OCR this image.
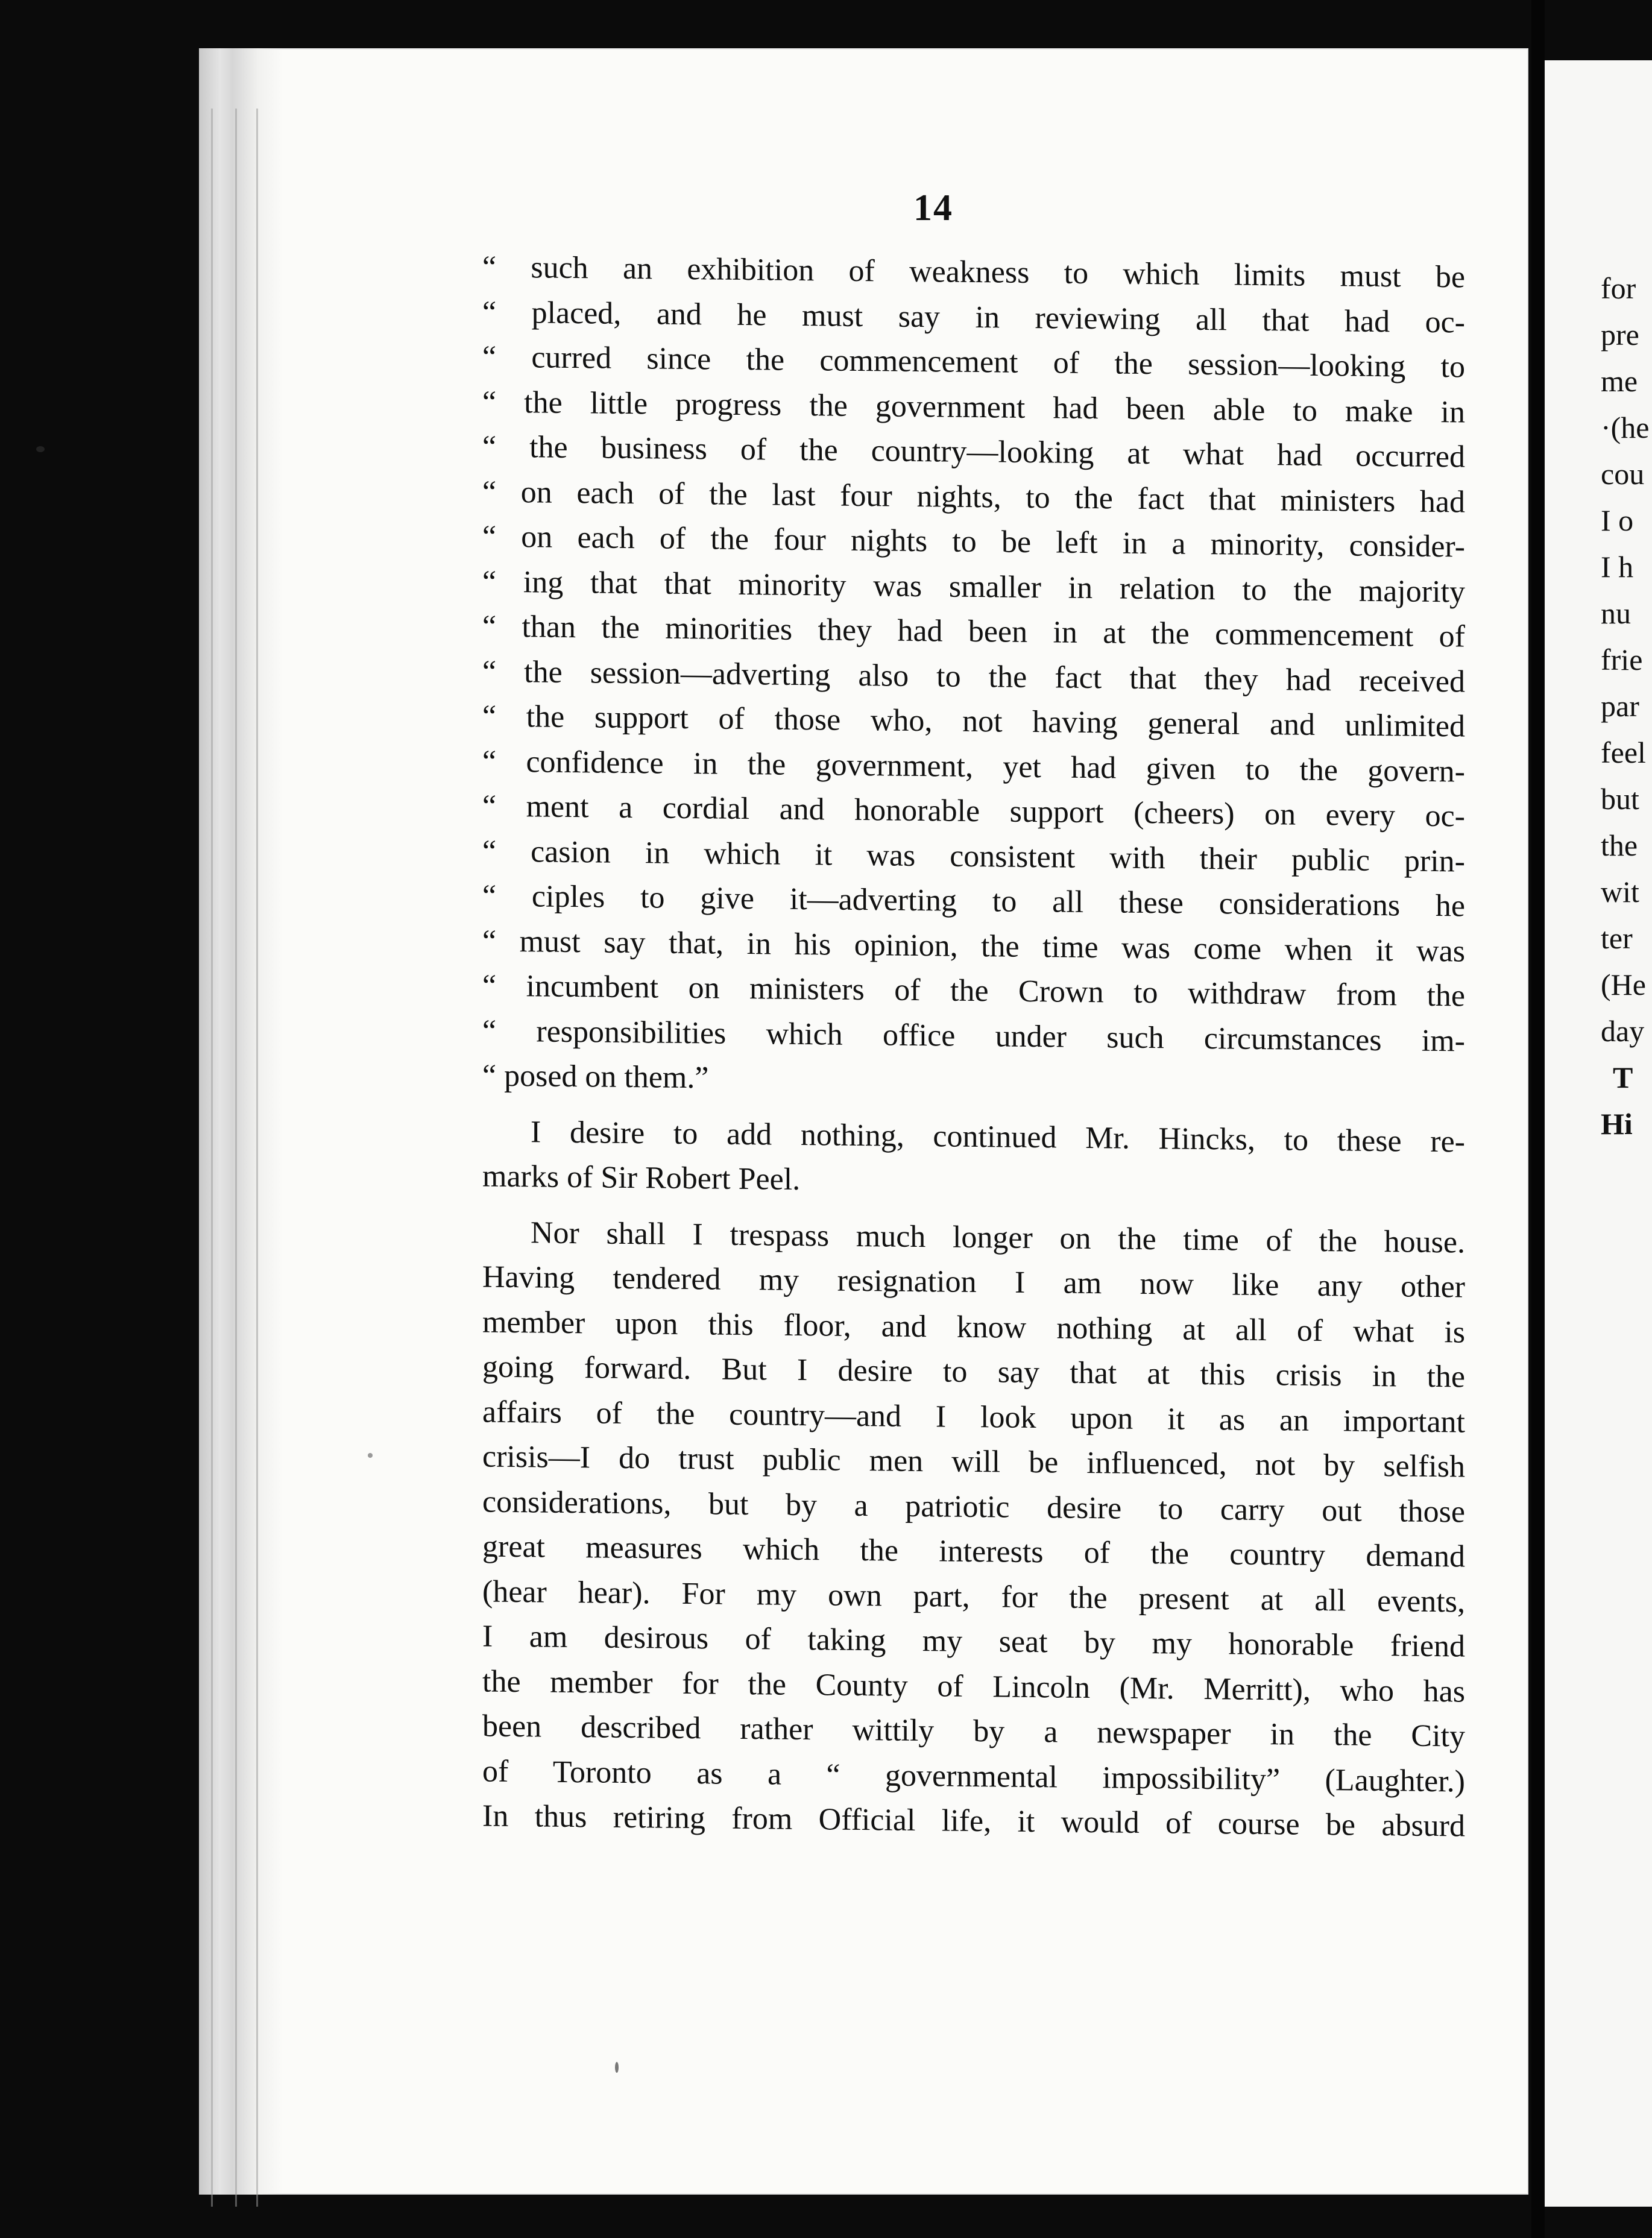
14
“ such an exhibition of weakness to which limits must be
“ placed, and he must say in reviewing all that had oc-
“ curred since the commencement of the session—looking to
“ the little progress the government had been able to make in
“ the business of the country—looking at what had occurred
“ on each of the last four nights, to the fact that ministers had
“ on each of the four nights to be left in a minority, consider-
“ ing that that minority was smaller in relation to the majority
“ than the minorities they had been in at the commencement of
“ the session—adverting also to the fact that they had received
“ the support of those who, not having general and unlimited
“ confidence in the government, yet had given to the govern-
“ ment a cordial and honorable support (cheers) on every oc-
“ casion in which it was consistent with their public prin-
“ ciples to give it—adverting to all these considerations he
“ must say that, in his opinion, the time was come when it was
“ incumbent on ministers of the Crown to withdraw from the
“ responsibilities which office under such circumstances im-
“ posed on them.”
I desire to add nothing, continued Mr. Hincks, to these re-
marks of Sir Robert Peel.
Nor shall I trespass much longer on the time of the house.
Having tendered my resignation I am now like any other
member upon this floor, and know nothing at all of what is
going forward. But I desire to say that at this crisis in the
affairs of the country—and I look upon it as an important
crisis—I do trust public men will be influenced, not by selfish
considerations, but by a patriotic desire to carry out those
great measures which the interests of the country demand
(hear hear). For my own part, for the present at all events,
I am desirous of taking my seat by my honorable friend
the member for the County of Lincoln (Mr. Merritt), who has
been described rather wittily by a newspaper in the City
of Toronto as a “ governmental impossibility” (Laughter.)
In thus retiring from Official life, it would of course be absurd
for
pre
me
·(he
cou
I o
I h
nu
frie
par
feel
but
the
wit
ter
(He
day
T
Hi
